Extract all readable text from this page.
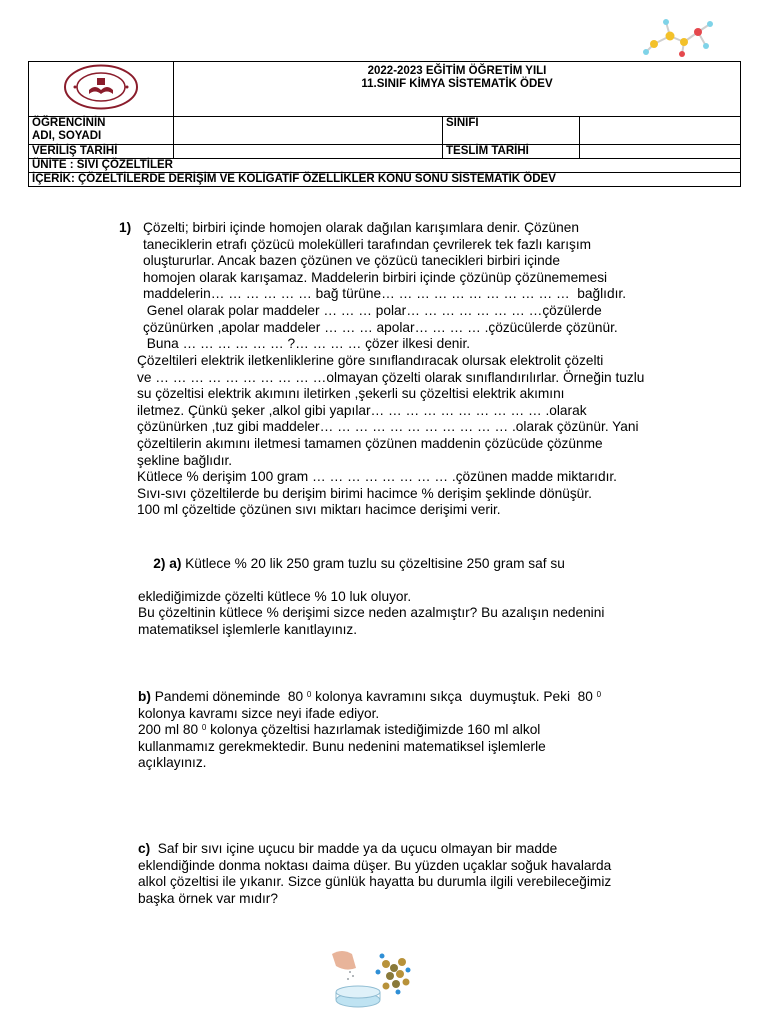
2022-2023 EĞİTİM ÖĞRETİM YILI
11.SINIF KİMYA SİSTEMATİK ÖDEV		

ÖĞRENCİNİN
ADI, SOYADI		SINIFI	
VERİLİŞ TARİHİ		TESLİM TARİHİ	
ÜNİTE : SIVI ÇÖZELTİLER			
İÇERİK: ÇÖZELTİLERDE DERİŞİM VE KOLİGATİF ÖZELLİKLER KONU SONU SİSTEMATİK ÖDEV			
1) Çözelti; birbiri içinde homojen olarak dağılan karışımlara denir. Çözünen
taneciklerin etrafı çözücü molekülleri tarafından çevrilerek tek fazlı karışım
oluştururlar. Ancak bazen çözünen ve çözücü tanecikleri birbiri içinde
homojen olarak karışamaz. Maddelerin birbiri içinde çözünüp çözünememesi
maddelerin… … … … … … bağ türüne… … … … … … … … … … …  bağlıdır.
Genel olarak polar maddeler … … … polar… … … … … … … …çözülerde
çözünürken ,apolar maddeler … … … apolar… … … … .çözücülerde çözünür.
Buna … … … … … … ?… … … … çözer ilkesi denir.
Çözeltileri elektrik iletkenliklerine göre sınıflandıracak olursak elektrolit çözelti
ve … … … … … … … … … …olmayan çözelti olarak sınıflandırılırlar. Örneğin tuzlu
su çözeltisi elektrik akımını iletirken ,şekerli su çözeltisi elektrik akımını
iletmez. Çünkü şeker ,alkol gibi yapılar… … … … … … … … … … .olarak
çözünürken ,tuz gibi maddeler… … … … … … … … … … … .olarak çözünür. Yani
çözeltilerin akımını iletmesi tamamen çözünen maddenin çözücüde çözünme
şekline bağlıdır.
Kütlece % derişim 100 gram … … … … … … … … .çözünen madde miktarıdır.
Sıvı-sıvı çözeltilerde bu derişim birimi hacimce % derişim şeklinde dönüşür.
100 ml çözeltide çözünen sıvı miktarı hacimce derişimi verir.

2) a) Kütlece % 20 lik 250 gram tuzlu su çözeltisine 250 gram saf su

eklediğimizde çözelti kütlece % 10 luk oluyor.
Bu çözeltinin kütlece % derişimi sizce neden azalmıştır? Bu azalışın nedenini
matematiksel işlemlerle kanıtlayınız.
b) Pandemi döneminde  80 $^0$ kolonya kavramını sıkça  duymuştuk. Peki  80 $^0$
kolonya kavramı sizce neyi ifade ediyor.
200 ml 80 $^0$ kolonya çözeltisi hazırlamak istediğimizde 160 ml alkol
kullanmamız gerekmektedir. Bunu nedenini matematiksel işlemlerle
açıklayınız.
c)  Saf bir sıvı içine uçucu bir madde ya da uçucu olmayan bir madde
eklendiğinde donma noktası daima düşer. Bu yüzden uçaklar soğuk havalarda
alkol çözeltisi ile yıkanır. Sizce günlük hayatta bu durumla ilgili verebileceğimiz
başka örnek var mıdır?
